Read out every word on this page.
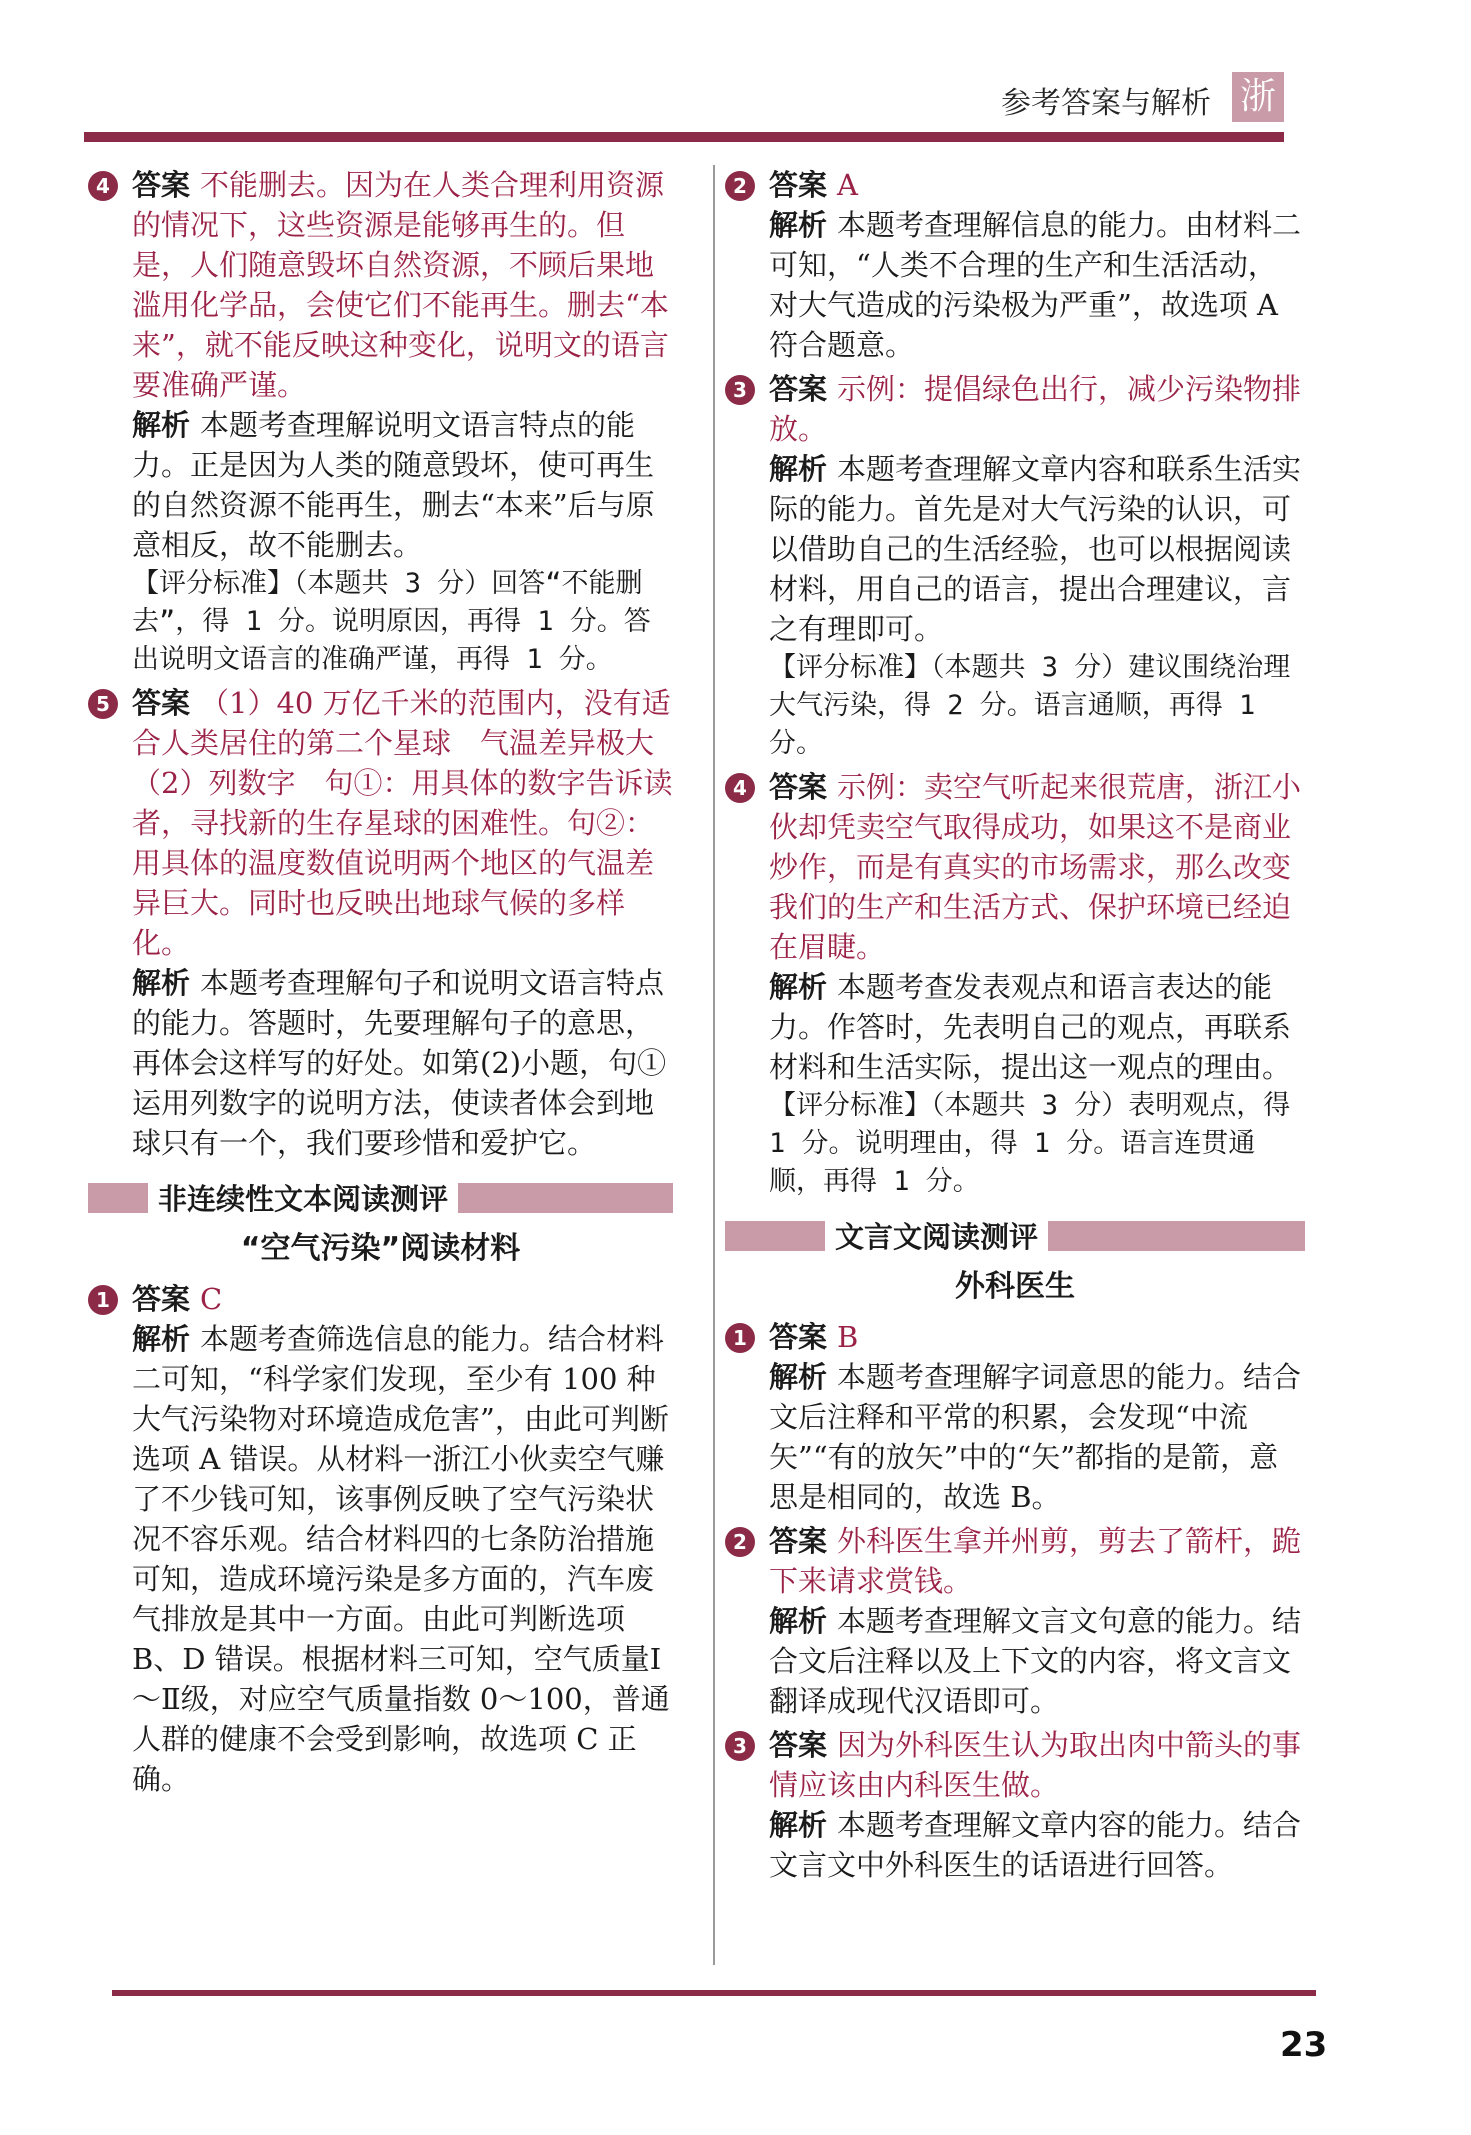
参考答案与解析 浙
4 答案 不能删去。因为在人类合理利用资源的情况下，这些资源是能够再生的。但是，人们随意毁坏自然资源，不顾后果地滥用化学品，会使它们不能再生。删去“本来”，就不能反映这种变化，说明文的语言要准确严谨。

解析 本题考查理解说明文语言特点的能力。正是因为人类的随意毁坏，使可再生的自然资源不能再生，删去“本来”后与原意相反，故不能删去。

【评分标准】（本题共 3 分）回答“不能删去”，得 1 分。说明原因，再得 1 分。答出说明文语言的准确严谨，再得 1 分。

5 答案 （1）40 万亿千米的范围内，没有适合人类居住的第二个星球　气温差异极大

（2）列数字　句①：用具体的数字告诉读者，寻找新的生存星球的困难性。句②：用具体的温度数值说明两个地区的气温差异巨大。同时也反映出地球气候的多样化。

解析 本题考查理解句子和说明文语言特点的能力。答题时，先要理解句子的意思，再体会这样写的好处。如第(2)小题，句①运用列数字的说明方法，使读者体会到地球只有一个，我们要珍惜和爱护它。

非连续性文本阅读测评
“空气污染”阅读材料
1 答案 C

解析 本题考查筛选信息的能力。结合材料二可知，“科学家们发现，至少有 100 种大气污染物对环境造成危害”，由此可判断选项 A 错误。从材料一浙江小伙卖空气赚了不少钱可知，该事例反映了空气污染状况不容乐观。结合材料四的七条防治措施可知，造成环境污染是多方面的，汽车废气排放是其中一方面。由此可判断选项 B、D 错误。根据材料三可知，空气质量Ⅰ～Ⅱ级，对应空气质量指数 0～100，普通人群的健康不会受到影响，故选项 C 正确。

2 答案 A

解析 本题考查理解信息的能力。由材料二可知，“人类不合理的生产和生活活动，对大气造成的污染极为严重”，故选项 A 符合题意。

3 答案 示例：提倡绿色出行，减少污染物排放。

解析 本题考查理解文章内容和联系生活实际的能力。首先是对大气污染的认识，可以借助自己的生活经验，也可以根据阅读材料，用自己的语言，提出合理建议，言之有理即可。

【评分标准】（本题共 3 分）建议围绕治理大气污染，得 2 分。语言通顺，再得 1 分。

4 答案 示例：卖空气听起来很荒唐，浙江小伙却凭卖空气取得成功，如果这不是商业炒作，而是有真实的市场需求，那么改变我们的生产和生活方式、保护环境已经迫在眉睫。

解析 本题考查发表观点和语言表达的能力。作答时，先表明自己的观点，再联系材料和生活实际，提出这一观点的理由。

【评分标准】（本题共 3 分）表明观点，得 1 分。说明理由，得 1 分。语言连贯通顺，再得 1 分。

文言文阅读测评
外科医生
1 答案 B

解析 本题考查理解字词意思的能力。结合文后注释和平常的积累，会发现“中流矢”“有的放矢”中的“矢”都指的是箭，意思是相同的，故选 B。

2 答案 外科医生拿并州剪，剪去了箭杆，跪下来请求赏钱。

解析 本题考查理解文言文句意的能力。结合文后注释以及上下文的内容，将文言文翻译成现代汉语即可。

3 答案 因为外科医生认为取出肉中箭头的事情应该由内科医生做。

解析 本题考查理解文章内容的能力。结合文言文中外科医生的话语进行回答。

23
